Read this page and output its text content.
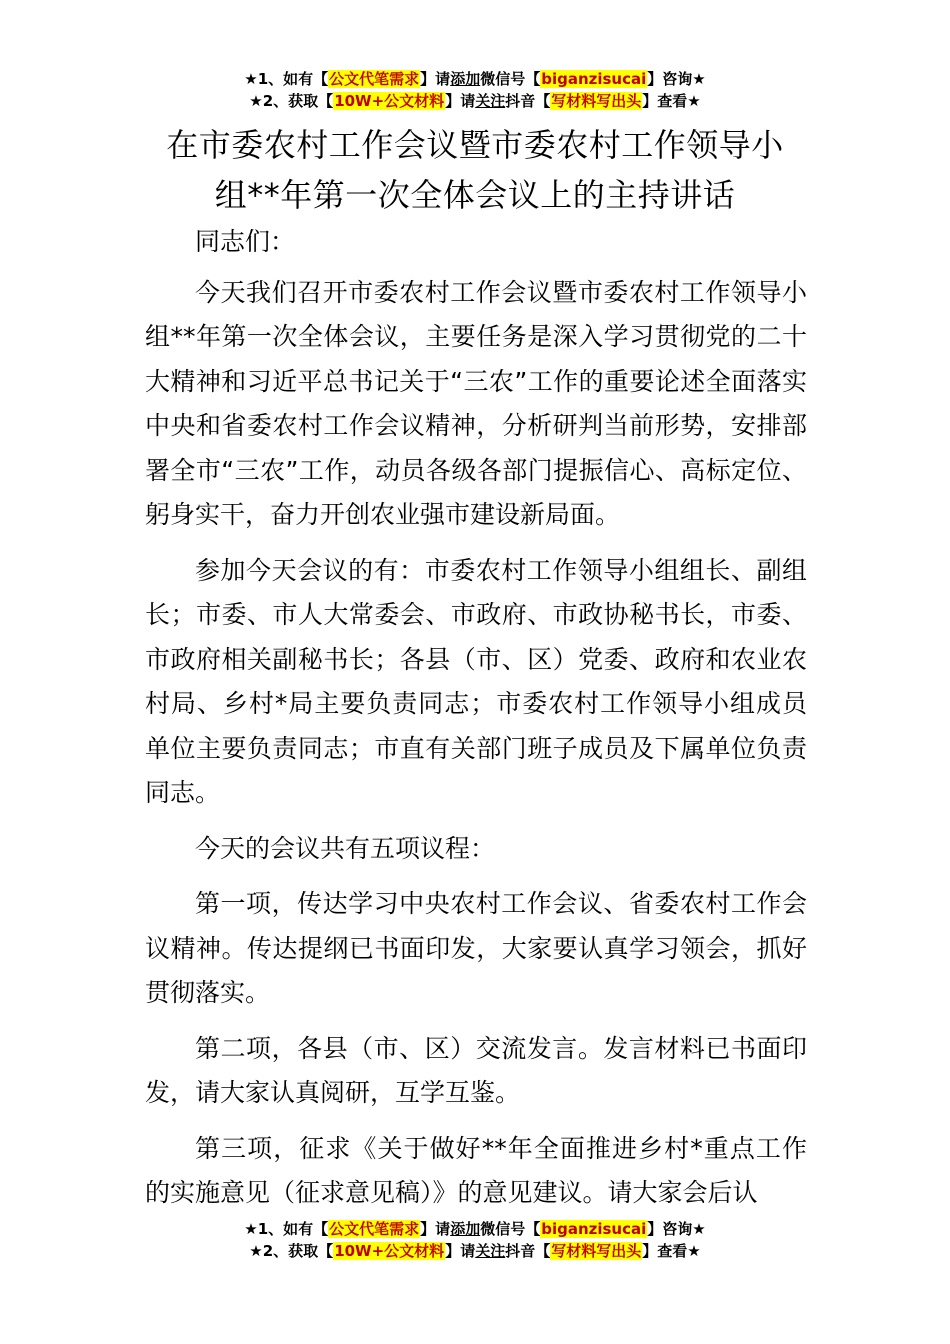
★1、如有【公文代笔需求】请添加微信号【biganzisucai】咨询★
★2、获取【10W+公文材料】请关注抖音【写材料写出头】查看★
在市委农村工作会议暨市委农村工作领导小
组**年第一次全体会议上的主持讲话

同志们：

今天我们召开市委农村工作会议暨市委农村工作领导小组**年第一次全体会议，主要任务是深入学习贯彻党的二十大精神和习近平总书记关于“三农”工作的重要论述全面落实中央和省委农村工作会议精神，分析研判当前形势，安排部署全市“三农”工作，动员各级各部门提振信心、高标定位、躬身实干，奋力开创农业强市建设新局面。

参加今天会议的有：市委农村工作领导小组组长、副组长；市委、市人大常委会、市政府、市政协秘书长，市委、市政府相关副秘书长；各县（市、区）党委、政府和农业农村局、乡村*局主要负责同志；市委农村工作领导小组成员单位主要负责同志；市直有关部门班子成员及下属单位负责同志。

今天的会议共有五项议程：

第一项，传达学习中央农村工作会议、省委农村工作会议精神。传达提纲已书面印发，大家要认真学习领会，抓好贯彻落实。

第二项，各县（市、区）交流发言。发言材料已书面印发，请大家认真阅研，互学互鉴。

第三项，征求《关于做好**年全面推进乡村*重点工作的实施意见（征求意见稿）》的意见建议。请大家会后认

★1、如有【公文代笔需求】请添加微信号【biganzisucai】咨询★
★2、获取【10W+公文材料】请关注抖音【写材料写出头】查看★
